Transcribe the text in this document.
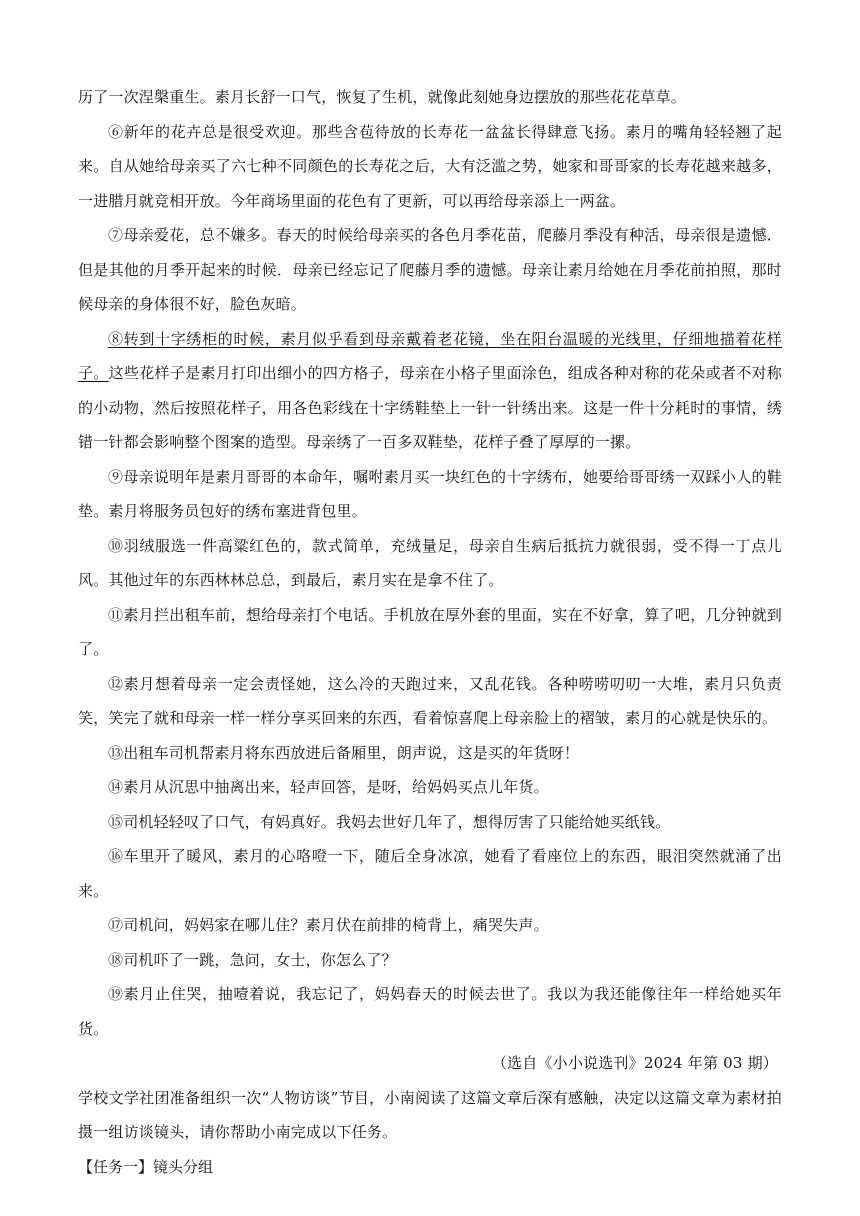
历了一次涅槃重生。素月长舒一口气，恢复了生机，就像此刻她身边摆放的那些花花草草。

⑥新年的花卉总是很受欢迎。那些含苞待放的长寿花一盆盆长得肆意飞扬。素月的嘴角轻轻翘了起来。自从她给母亲买了六七种不同颜色的长寿花之后，大有泛滥之势，她家和哥哥家的长寿花越来越多，一进腊月就竞相开放。今年商场里面的花色有了更新，可以再给母亲添上一两盆。

⑦母亲爱花，总不嫌多。春天的时候给母亲买的各色月季花苗，爬藤月季没有种活，母亲很是遗憾．但是其他的月季开起来的时候．母亲已经忘记了爬藤月季的遗憾。母亲让素月给她在月季花前拍照，那时候母亲的身体很不好，脸色灰暗。

⑧转到十字绣柜的时候，素月似乎看到母亲戴着老花镜，坐在阳台温暖的光线里，仔细地描着花样子。这些花样子是素月打印出细小的四方格子，母亲在小格子里面涂色，组成各种对称的花朵或者不对称的小动物，然后按照花样子，用各色彩线在十字绣鞋垫上一针一针绣出来。这是一件十分耗时的事情，绣错一针都会影响整个图案的造型。母亲绣了一百多双鞋垫，花样子叠了厚厚的一摞。

⑨母亲说明年是素月哥哥的本命年，嘱咐素月买一块红色的十字绣布，她要给哥哥绣一双踩小人的鞋垫。素月将服务员包好的绣布塞进背包里。

⑩羽绒服选一件高粱红色的，款式简单，充绒量足，母亲自生病后抵抗力就很弱，受不得一丁点儿风。其他过年的东西林林总总，到最后，素月实在是拿不住了。

⑪素月拦出租车前，想给母亲打个电话。手机放在厚外套的里面，实在不好拿，算了吧，几分钟就到了。

⑫素月想着母亲一定会责怪她，这么冷的天跑过来，又乱花钱。各种唠唠叨叨一大堆，素月只负责笑，笑完了就和母亲一样一样分享买回来的东西，看着惊喜爬上母亲脸上的褶皱，素月的心就是快乐的。

⑬出租车司机帮素月将东西放进后备厢里，朗声说，这是买的年货呀！

⑭素月从沉思中抽离出来，轻声回答，是呀，给妈妈买点儿年货。

⑮司机轻轻叹了口气，有妈真好。我妈去世好几年了，想得厉害了只能给她买纸钱。

⑯车里开了暖风，素月的心咯噔一下，随后全身冰凉，她看了看座位上的东西，眼泪突然就涌了出来。

⑰司机问，妈妈家在哪儿住？素月伏在前排的椅背上，痛哭失声。

⑱司机吓了一跳，急问，女士，你怎么了？

⑲素月止住哭，抽噎着说，我忘记了，妈妈春天的时候去世了。我以为我还能像往年一样给她买年货。

（选自《小小说选刊》2024 年第 03 期）

学校文学社团准备组织一次“人物访谈”节目，小南阅读了这篇文章后深有感触，决定以这篇文章为素材拍摄一组访谈镜头，请你帮助小南完成以下任务。

【任务一】镜头分组
